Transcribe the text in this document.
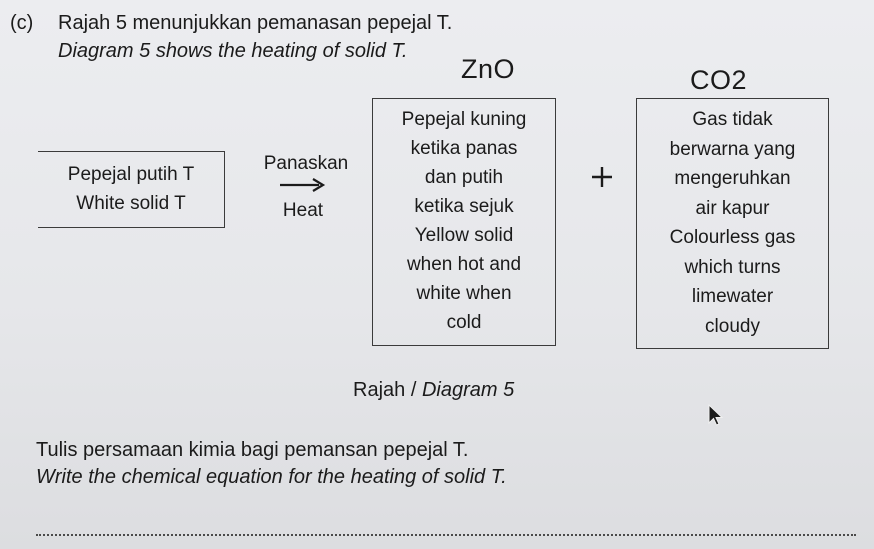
(c) Rajah 5 menunjukkan pemanasan pepejal T.
Diagram 5 shows the heating of solid T.
ZnO	CO2
Pepejal putih T
White solid T
Panaskan
Heat
Pepejal kuning
ketika panas
dan putih
ketika sejuk
Yellow solid
when hot and
white when
cold
Gas tidak
berwarna yang
mengeruhkan
air kapur
Colourless gas
which turns
limewater
cloudy
Rajah / Diagram 5
Tulis persamaan kimia bagi pemansan pepejal T.
Write the chemical equation for the heating of solid T.
